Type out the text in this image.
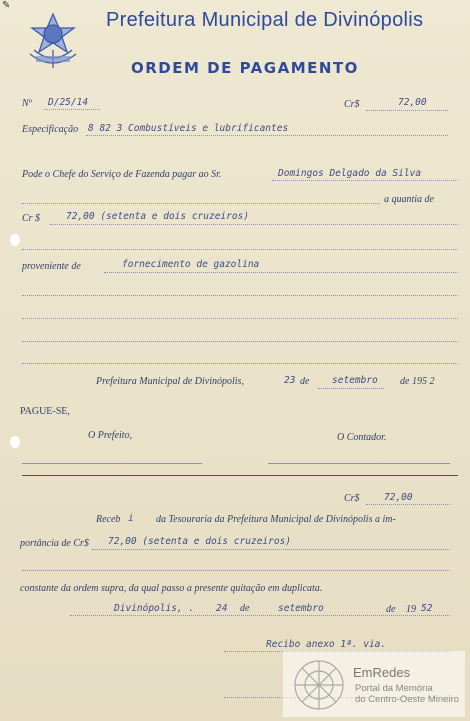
✎
Prefeitura Municipal de Divinópolis
ORDEM DE PAGAMENTO
Nº D/25/14	Cr$	72,00
Especificação 8 82 3 Combustíveis e lubrificantes
Pode o Chefe do Serviço de Fazenda pagar ao Sr.	Domingos Delgado da Silva
a quantia de
Cr $	72,00 (setenta e dois cruzeiros)
proveniente de	fornecimento de gazolina
Prefeitura Municipal de Divinópolis,	23 de setembro de 195 2
PAGUE-SE,
O Prefeito,	O Contador.
Cr$	72,00
Receb i da Tesouraria da Prefeitura Municipal de Divinópolis a im-
portância de Cr$ 72,00 (setenta e dois cruzeiros)
constante da ordem supra, da qual passo a presente quitação em duplicata.
Divinópolis, . 24 de	setembro	de 19 52
Recibo anexo 1ª. via.
EmRedes
Portal da Memória
do Centro-Oeste Mineiro
